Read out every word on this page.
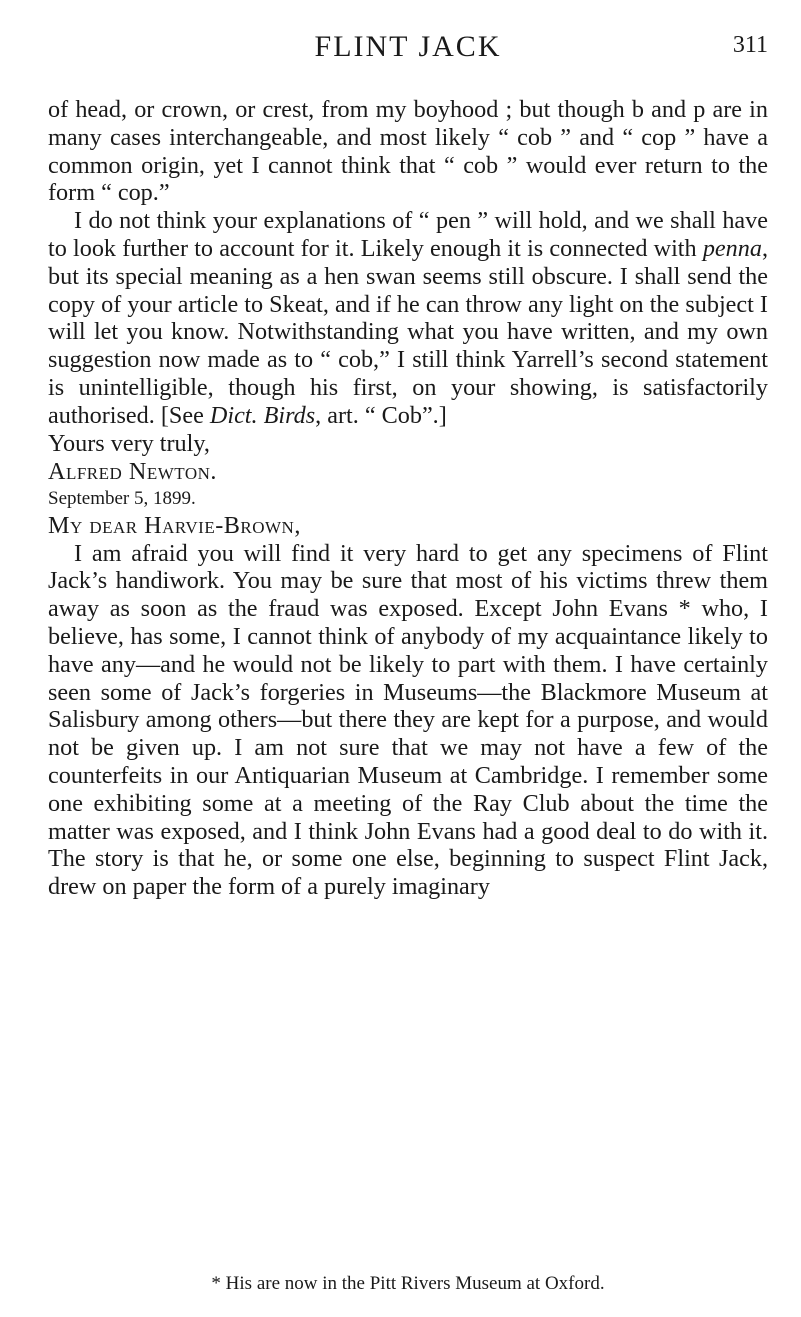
FLINT JACK	311

of head, or crown, or crest, from my boyhood ; but though b and p are in many cases interchangeable, and most likely “ cob ” and “ cop ” have a common origin, yet I cannot think that “ cob ” would ever return to the form “ cop.”

I do not think your explanations of “ pen ” will hold, and we shall have to look further to account for it. Likely enough it is connected with penna, but its special meaning as a hen swan seems still obscure. I shall send the copy of your article to Skeat, and if he can throw any light on the subject I will let you know. Notwithstanding what you have written, and my own suggestion now made as to “ cob,” I still think Yarrell’s second statement is unintelligible, though his first, on your showing, is satisfactorily authorised. [See Dict. Birds, art. “ Cob”.]

Yours very truly,

Alfred Newton.

September 5, 1899.

My dear Harvie-Brown,

I am afraid you will find it very hard to get any specimens of Flint Jack’s handiwork. You may be sure that most of his victims threw them away as soon as the fraud was exposed. Except John Evans * who, I believe, has some, I cannot think of anybody of my acquaintance likely to have any—and he would not be likely to part with them. I have certainly seen some of Jack’s forgeries in Museums—the Blackmore Museum at Salisbury among others—but there they are kept for a purpose, and would not be given up. I am not sure that we may not have a few of the counterfeits in our Antiquarian Museum at Cambridge. I remember some one exhibiting some at a meeting of the Ray Club about the time the matter was exposed, and I think John Evans had a good deal to do with it. The story is that he, or some one else, beginning to suspect Flint Jack, drew on paper the form of a purely imaginary

* His are now in the Pitt Rivers Museum at Oxford.
